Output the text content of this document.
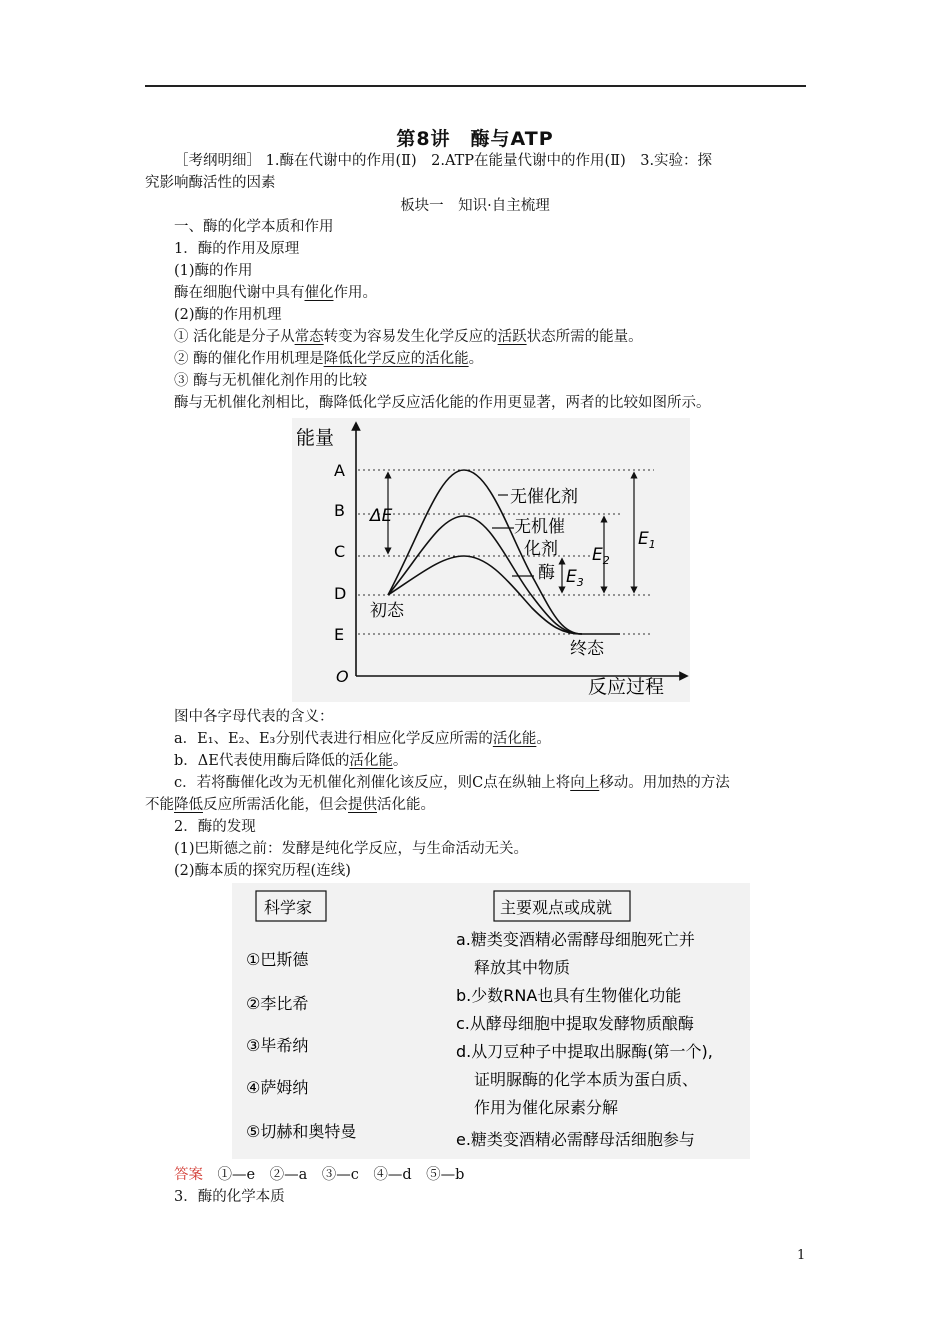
第8讲　酶与ATP
［考纲明细］ 1.酶在代谢中的作用(Ⅱ)　2.ATP在能量代谢中的作用(Ⅱ)　3.实验：探
究影响酶活性的因素
板块一　知识·自主梳理
一、酶的化学本质和作用
1．酶的作用及原理
(1)酶的作用
酶在细胞代谢中具有催化作用。
(2)酶的作用机理
① 活化能是分子从常态转变为容易发生化学反应的活跃状态所需的能量。
② 酶的催化作用机理是降低化学反应的活化能。
③ 酶与无机催化剂作用的比较
酶与无机催化剂相比，酶降低化学反应活化能的作用更显著，两者的比较如图所示。
能量
反应过程
O
A
B
C
D
E
无催化剂
无机催
化剂
酶
初态
终态
ΔE
$E_1$
$E_2$
$E_3$
图中各字母代表的含义：
a．E₁、E₂、E₃分别代表进行相应化学反应所需的活化能。
b．ΔE代表使用酶后降低的活化能。
c．若将酶催化改为无机催化剂催化该反应，则C点在纵轴上将向上移动。用加热的方法
不能降低反应所需活化能，但会提供活化能。
2．酶的发现
(1)巴斯德之前：发酵是纯化学反应，与生命活动无关。
(2)酶本质的探究历程(连线)
科学家	主要观点或成就
①巴斯德
②李比希
③毕希纳
④萨姆纳
⑤切赫和奥特曼
a.糖类变酒精必需酵母细胞死亡并
释放其中物质
b.少数RNA也具有生物催化功能
c.从酵母细胞中提取发酵物质酿酶
d.从刀豆种子中提取出脲酶(第一个),
证明脲酶的化学本质为蛋白质、
作用为催化尿素分解
e.糖类变酒精必需酵母活细胞参与
答案　 ①—e　②—a　③—c　④—d　⑤—b
3．酶的化学本质
1
